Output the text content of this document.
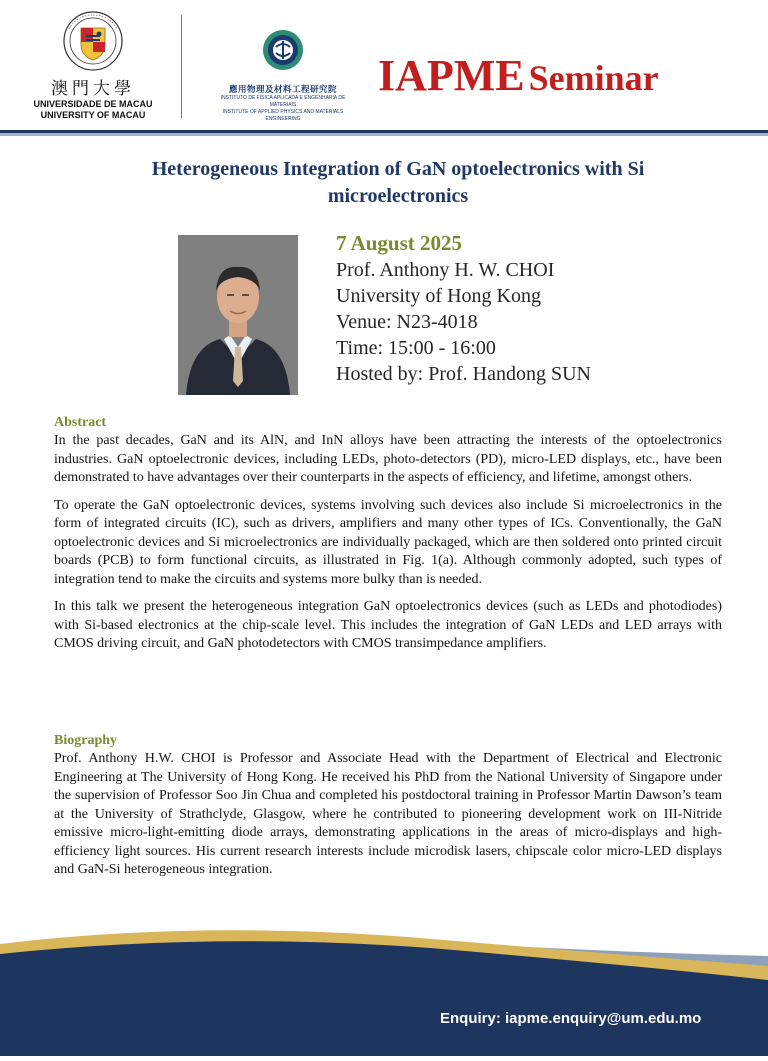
澳門大學
UNIVERSIDADE DE MACAU
UNIVERSITY OF MACAU
應用物理及材料工程研究院
INSTITUTO DE FÍSICA APLICADA E ENGENHARIA DE MATERIAIS
INSTITUTE OF APPLIED PHYSICS AND MATERIALS ENGINEERING
IAPME Seminar
Heterogeneous Integration of GaN optoelectronics with Si
microelectronics
7 August 2025
Prof. Anthony H. W. CHOI
University of Hong Kong
Venue: N23-4018
Time: 15:00 - 16:00
Hosted by: Prof. Handong SUN
Abstract

In the past decades, GaN and its AlN, and InN alloys have been attracting the interests of the optoelectronics industries. GaN optoelectronic devices, including LEDs, photo-detectors (PD), micro-LED displays, etc., have been demonstrated to have advantages over their counterparts in the aspects of efficiency, and lifetime, amongst others.

To operate the GaN optoelectronic devices, systems involving such devices also include Si microelectronics in the form of integrated circuits (IC), such as drivers, amplifiers and many other types of ICs. Conventionally, the GaN optoelectronic devices and Si microelectronics are individually packaged, which are then soldered onto printed circuit boards (PCB) to form functional circuits, as illustrated in Fig. 1(a). Although commonly adopted, such types of integration tend to make the circuits and systems more bulky than is needed.

In this talk we present the heterogeneous integration GaN optoelectronics devices (such as LEDs and photodiodes) with Si-based electronics at the chip-scale level. This includes the integration of GaN LEDs and LED arrays with CMOS driving circuit, and GaN photodetectors with CMOS transimpedance amplifiers.

Biography

Prof. Anthony H.W. CHOI is Professor and Associate Head with the Department of Electrical and Electronic Engineering at The University of Hong Kong. He received his PhD from the National University of Singapore under the supervision of Professor Soo Jin Chua and completed his postdoctoral training in Professor Martin Dawson’s team at the University of Strathclyde, Glasgow, where he contributed to pioneering development work on III-Nitride emissive micro-light-emitting diode arrays, demonstrating applications in the areas of micro-displays and high-efficiency light sources. His current research interests include microdisk lasers, chipscale color micro-LED displays and GaN-Si heterogeneous integration.

Enquiry: iapme.enquiry@um.edu.mo
